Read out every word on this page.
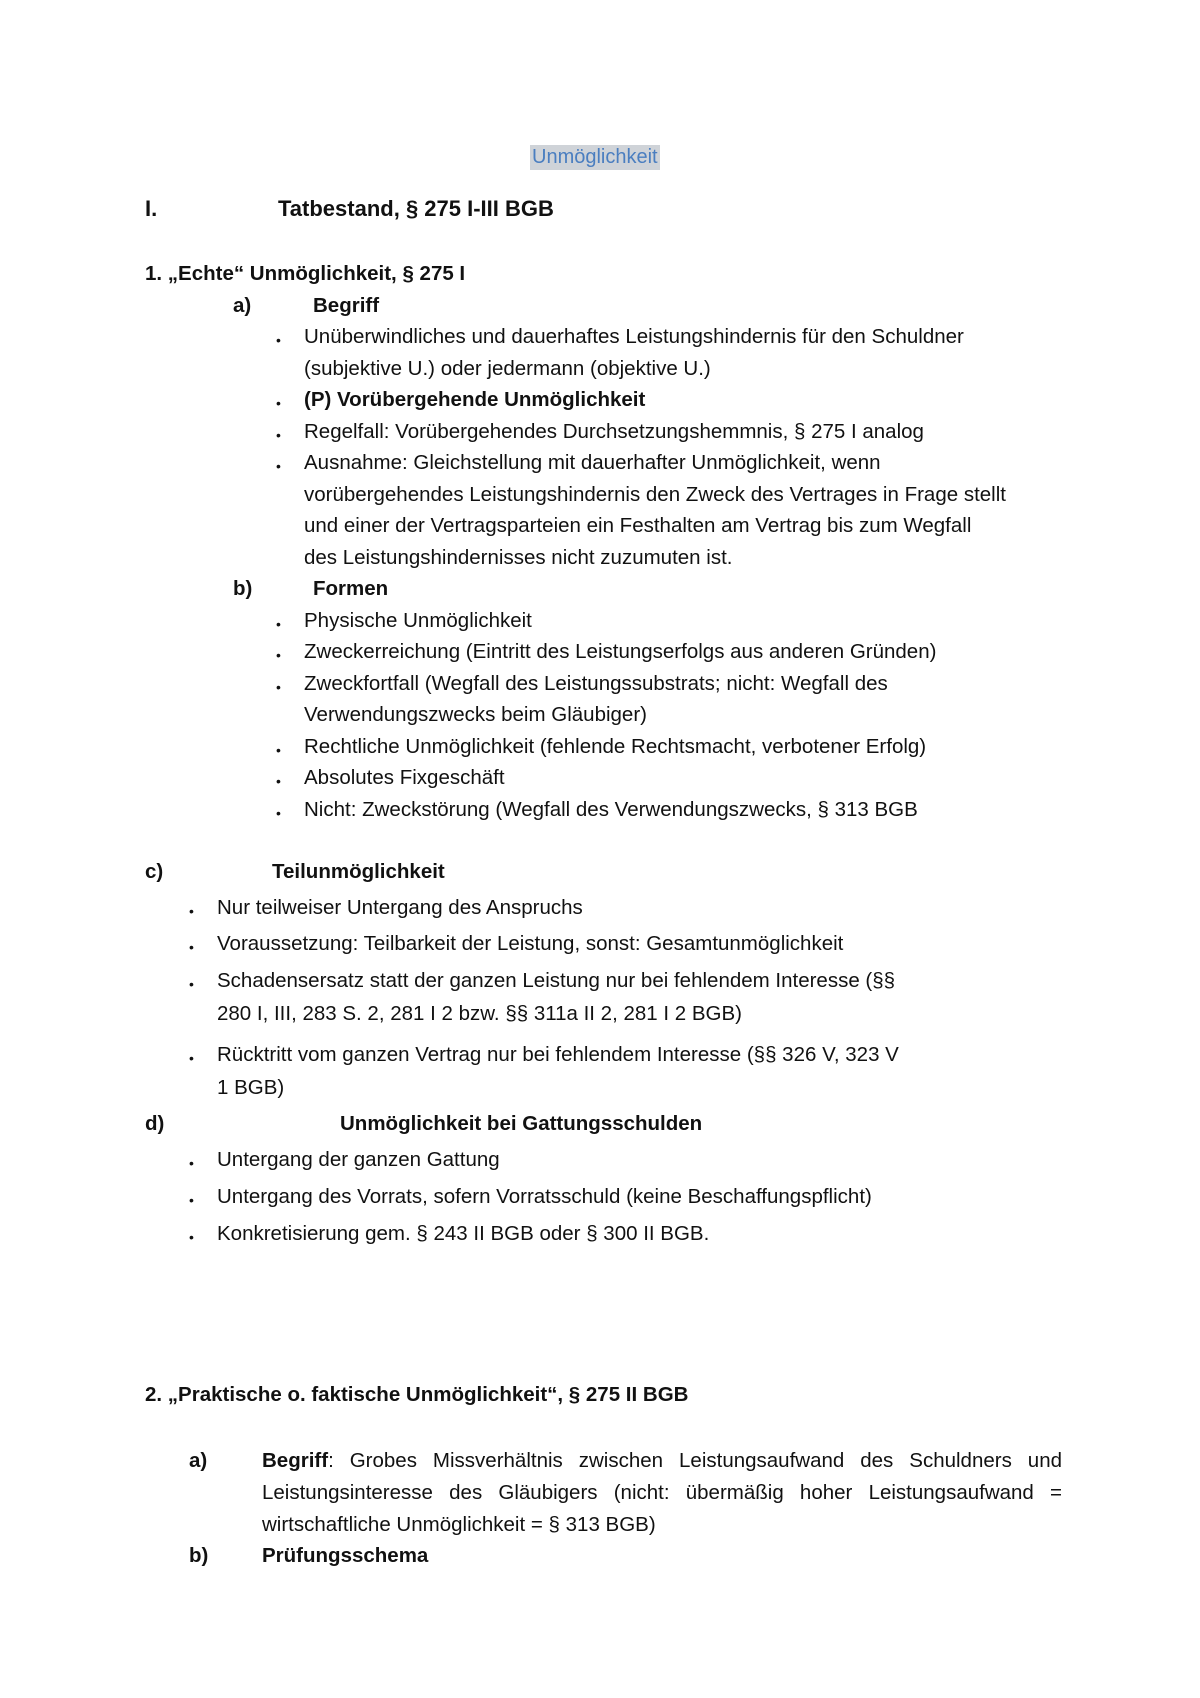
Unmöglichkeit
I.	Tatbestand, § 275 I-III BGB
1. „Echte“ Unmöglichkeit, § 275 I
a)	Begriff
• Unüberwindliches und dauerhaftes Leistungshindernis für den Schuldner
(subjektive U.) oder jedermann (objektive U.)
• (P) Vorübergehende Unmöglichkeit
• Regelfall: Vorübergehendes Durchsetzungshemmnis, § 275 I analog
• Ausnahme: Gleichstellung mit dauerhafter Unmöglichkeit, wenn
vorübergehendes Leistungshindernis den Zweck des Vertrages in Frage stellt
und einer der Vertragsparteien ein Festhalten am Vertrag bis zum Wegfall
des Leistungshindernisses nicht zuzumuten ist.
b)	Formen
• Physische Unmöglichkeit
• Zweckerreichung (Eintritt des Leistungserfolgs aus anderen Gründen)
• Zweckfortfall (Wegfall des Leistungssubstrats; nicht: Wegfall des
Verwendungszwecks beim Gläubiger)
• Rechtliche Unmöglichkeit (fehlende Rechtsmacht, verbotener Erfolg)
• Absolutes Fixgeschäft
• Nicht: Zweckstörung (Wegfall des Verwendungszwecks, § 313 BGB
c)	Teilunmöglichkeit
• Nur teilweiser Untergang des Anspruchs
• Voraussetzung: Teilbarkeit der Leistung, sonst: Gesamtunmöglichkeit
• Schadensersatz statt der ganzen Leistung nur bei fehlendem Interesse (§§
280 I, III, 283 S. 2, 281 I 2 bzw. §§ 311a II 2, 281 I 2 BGB)
• Rücktritt vom ganzen Vertrag nur bei fehlendem Interesse (§§ 326 V, 323 V
1 BGB)
d)	Unmöglichkeit bei Gattungsschulden
• Untergang der ganzen Gattung
• Untergang des Vorrats, sofern Vorratsschuld (keine Beschaffungspflicht)
• Konkretisierung gem. § 243 II BGB oder § 300 II BGB.
2. „Praktische o. faktische Unmöglichkeit“, § 275 II BGB
a)	Begriff: Grobes Missverhältnis zwischen Leistungsaufwand des Schuldners und Leistungsinteresse des Gläubigers (nicht: übermäßig hoher Leistungsaufwand = wirtschaftliche Unmöglichkeit = § 313 BGB)
b)	Prüfungsschema
